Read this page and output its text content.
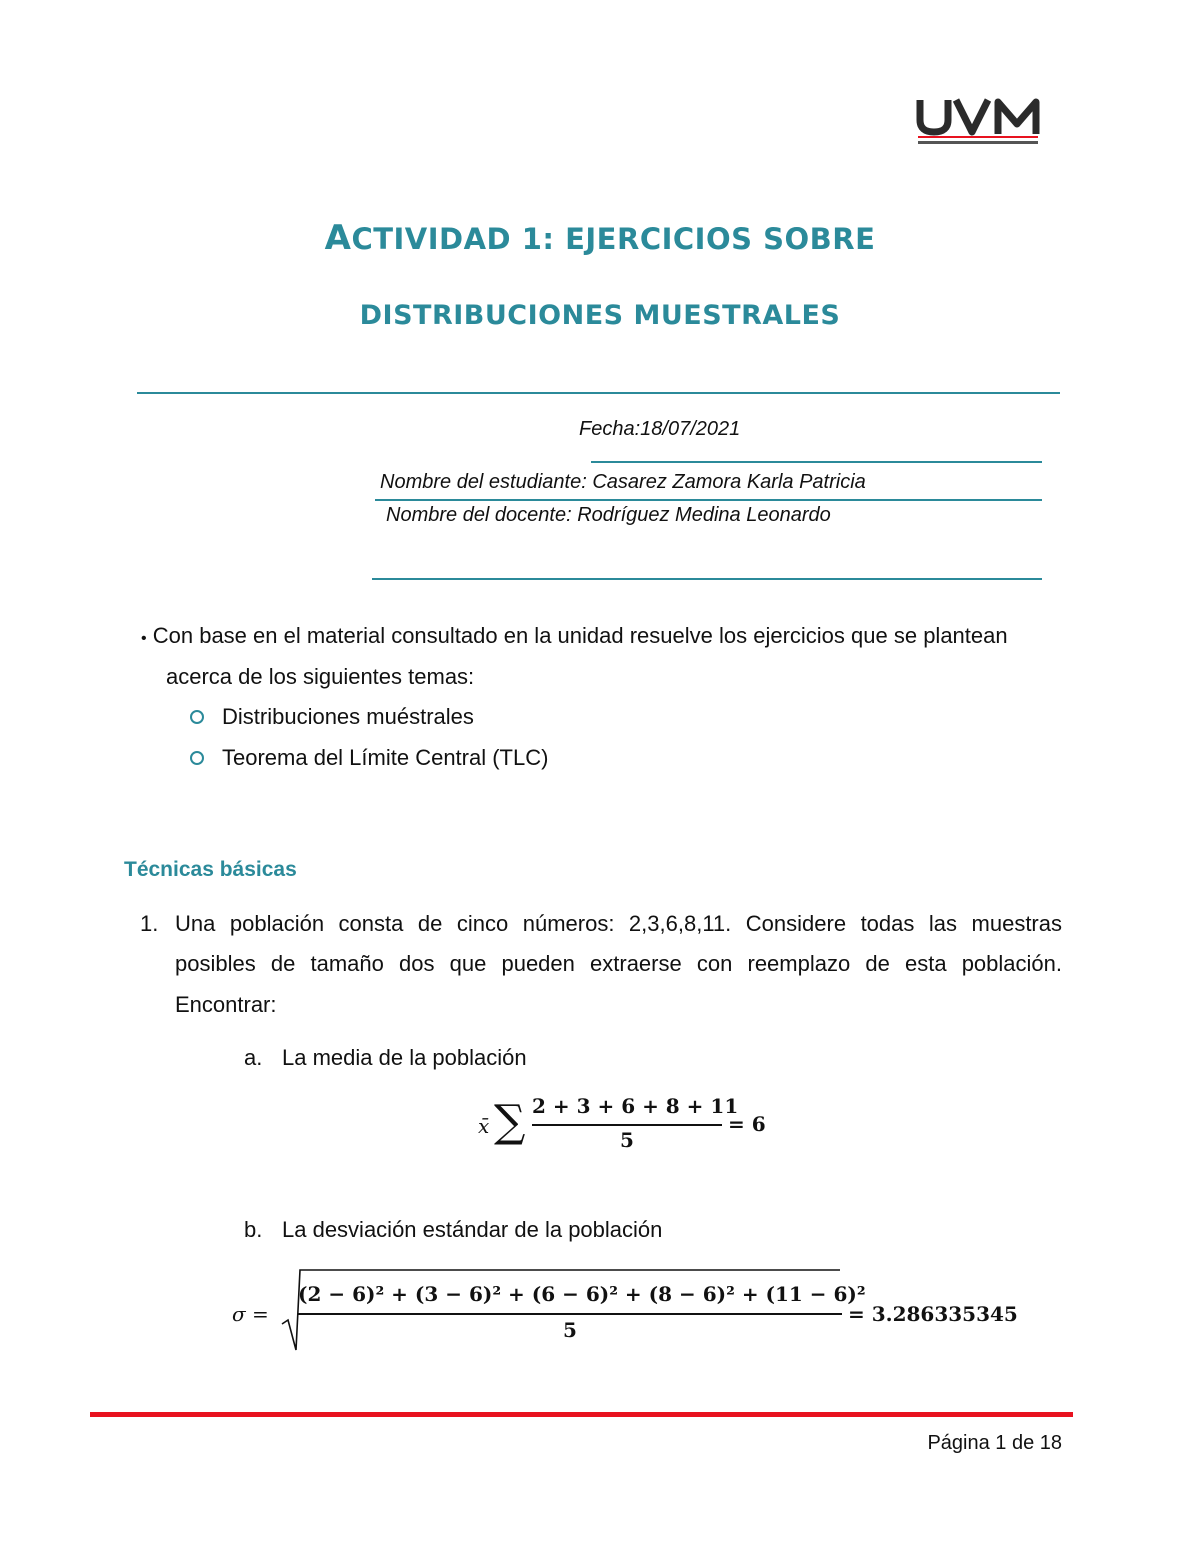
ACTIVIDAD 1: EJERCICIOS SOBRE
DISTRIBUCIONES MUESTRALES
Fecha:18/07/2021
Nombre del estudiante: Casarez Zamora Karla Patricia
Nombre del docente: Rodríguez Medina Leonardo
• Con base en el material consultado en la unidad resuelve los ejercicios que se plantean
acerca de los siguientes temas:
Distribuciones muéstrales
Teorema del Límite Central (TLC)
Técnicas básicas
1. Una población consta de cinco números: 2,3,6,8,11. Considere todas las muestras
posibles de tamaño dos que pueden extraerse con reemplazo de esta población.
Encontrar:
a. La media de la población
x̄ ∑ 2 + 3 + 6 + 8 + 11
5
= 6
b. La desviación estándar de la población
σ =
(2 − 6)² + (3 − 6)² + (6 − 6)² + (8 − 6)² + (11 − 6)²
5
= 3.286335345
Página 1 de 18
